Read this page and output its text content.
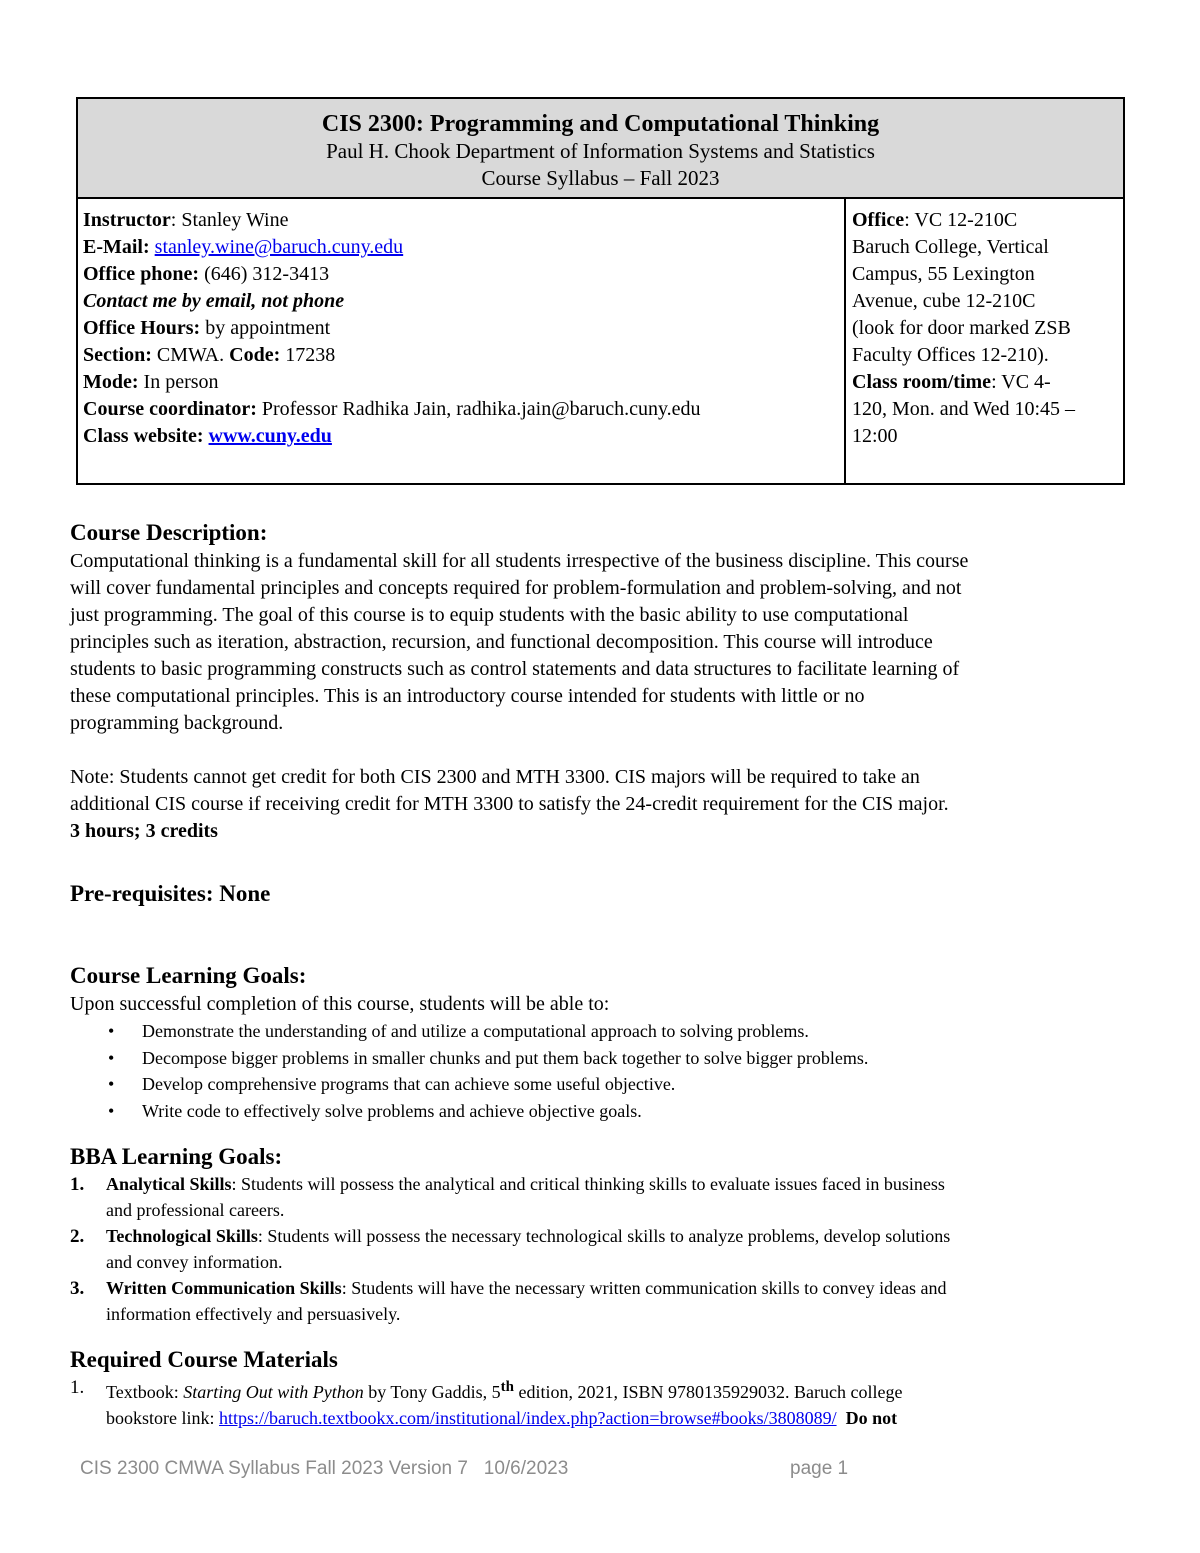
CIS 2300: Programming and Computational Thinking
Paul H. Chook Department of Information Systems and Statistics
Course Syllabus – Fall 2023
Instructor: Stanley Wine
E-Mail: stanley.wine@baruch.cuny.edu
Office phone: (646) 312-3413
Contact me by email, not phone
Office Hours: by appointment
Section: CMWA. Code: 17238
Mode: In person
Course coordinator: Professor Radhika Jain, radhika.jain@baruch.cuny.edu
Class website: www.cuny.edu
Office: VC 12-210C
Baruch College, Vertical
Campus, 55 Lexington
Avenue, cube 12-210C
(look for door marked ZSB
Faculty Offices 12-210).
Class room/time: VC 4-
120, Mon. and Wed 10:45 –
12:00
Course Description:
Computational thinking is a fundamental skill for all students irrespective of the business discipline. This course
will cover fundamental principles and concepts required for problem-formulation and problem-solving, and not
just programming. The goal of this course is to equip students with the basic ability to use computational
principles such as iteration, abstraction, recursion, and functional decomposition. This course will introduce
students to basic programming constructs such as control statements and data structures to facilitate learning of
these computational principles. This is an introductory course intended for students with little or no
programming background.
Note: Students cannot get credit for both CIS 2300 and MTH 3300. CIS majors will be required to take an
additional CIS course if receiving credit for MTH 3300 to satisfy the 24-credit requirement for the CIS major.
3 hours; 3 credits
Pre-requisites: None
Course Learning Goals:
Upon successful completion of this course, students will be able to:
• Demonstrate the understanding of and utilize a computational approach to solving problems.
• Decompose bigger problems in smaller chunks and put them back together to solve bigger problems.
• Develop comprehensive programs that can achieve some useful objective.
• Write code to effectively solve problems and achieve objective goals.
BBA Learning Goals:
1. Analytical Skills: Students will possess the analytical and critical thinking skills to evaluate issues faced in business
and professional careers.
2. Technological Skills: Students will possess the necessary technological skills to analyze problems, develop solutions
and convey information.
3. Written Communication Skills: Students will have the necessary written communication skills to convey ideas and
information effectively and persuasively.
Required Course Materials
1. Textbook: Starting Out with Python by Tony Gaddis, 5th edition, 2021, ISBN 9780135929032. Baruch college
bookstore link: https://baruch.textbookx.com/institutional/index.php?action=browse#books/3808089/ Do not
CIS 2300 CMWA Syllabus Fall 2023 Version 7   10/6/2023	page 1
